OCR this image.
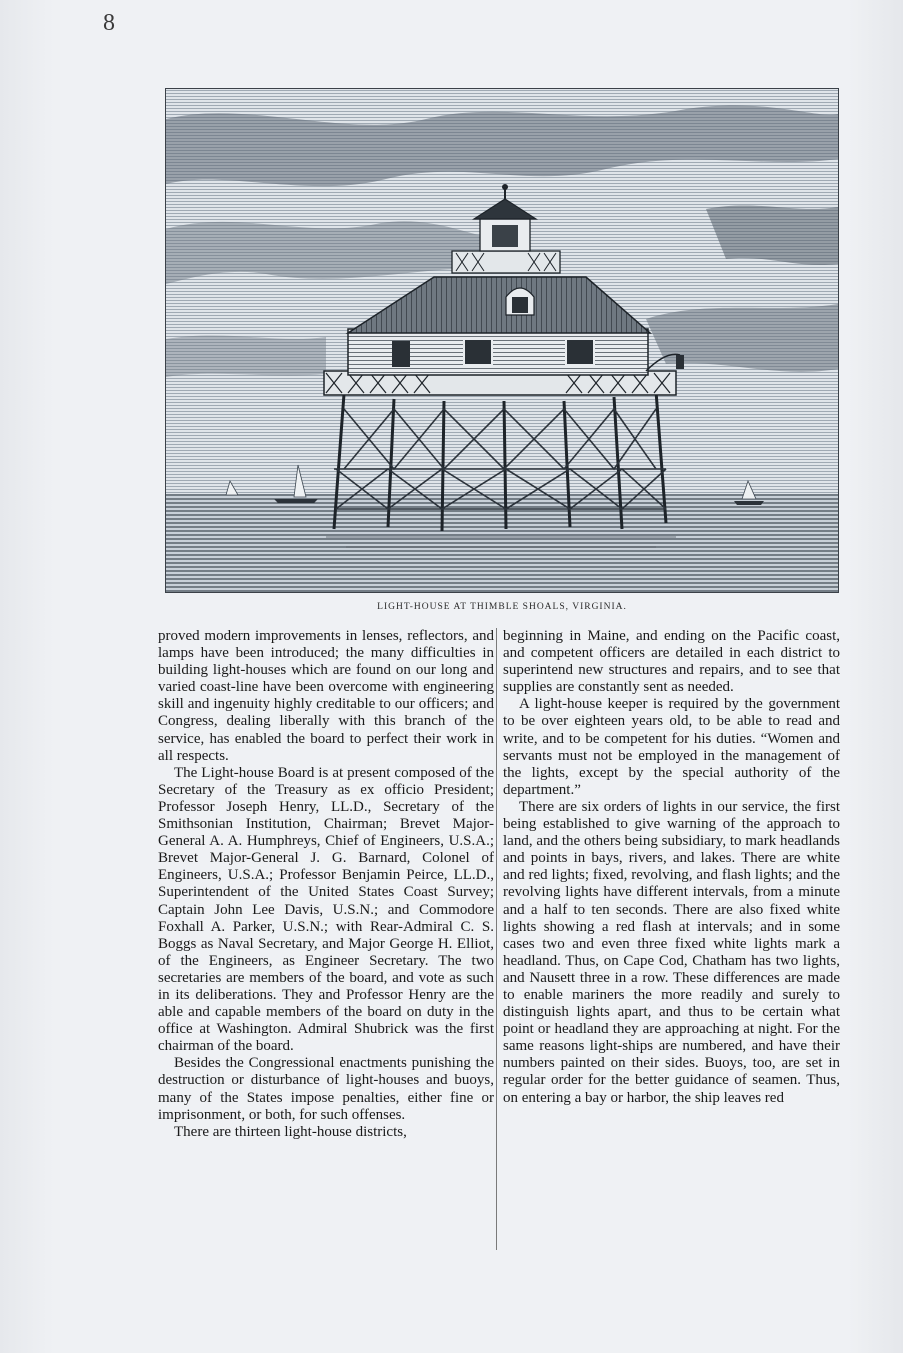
8
LIGHT-HOUSE AT THIMBLE SHOALS, VIRGINIA.

proved modern improvements in lenses, reflectors, and lamps have been introduced; the many difficulties in building light-houses which are found on our long and varied coast-line have been overcome with engineering skill and ingenuity highly creditable to our officers; and Congress, dealing liberally with this branch of the service, has enabled the board to perfect their work in all respects.

The Light-house Board is at present composed of the Secretary of the Treasury as ex officio President; Professor Joseph Henry, LL.D., Secretary of the Smithsonian Institution, Chairman; Brevet Major-General A. A. Humphreys, Chief of Engineers, U.S.A.; Brevet Major-General J. G. Barnard, Colonel of Engineers, U.S.A.; Professor Benjamin Peirce, LL.D., Superintendent of the United States Coast Survey; Captain John Lee Davis, U.S.N.; and Commodore Foxhall A. Parker, U.S.N.; with Rear-Admiral C. S. Boggs as Naval Secretary, and Major George H. Elliot, of the Engineers, as Engineer Secretary. The two secretaries are members of the board, and vote as such in its deliberations. They and Professor Henry are the able and capable members of the board on duty in the office at Washington. Admiral Shubrick was the first chairman of the board.

Besides the Congressional enactments punishing the destruction or disturbance of light-houses and buoys, many of the States impose penalties, either fine or imprisonment, or both, for such offenses.

There are thirteen light-house districts,

beginning in Maine, and ending on the Pacific coast, and competent officers are detailed in each district to superintend new structures and repairs, and to see that supplies are constantly sent as needed.

A light-house keeper is required by the government to be over eighteen years old, to be able to read and write, and to be competent for his duties. “Women and servants must not be employed in the management of the lights, except by the special authority of the department.”

There are six orders of lights in our service, the first being established to give warning of the approach to land, and the others being subsidiary, to mark headlands and points in bays, rivers, and lakes. There are white and red lights; fixed, revolving, and flash lights; and the revolving lights have different intervals, from a minute and a half to ten seconds. There are also fixed white lights showing a red flash at intervals; and in some cases two and even three fixed white lights mark a headland. Thus, on Cape Cod, Chatham has two lights, and Nausett three in a row. These differences are made to enable mariners the more readily and surely to distinguish lights apart, and thus to be certain what point or headland they are approaching at night. For the same reasons light-ships are numbered, and have their numbers painted on their sides. Buoys, too, are set in regular order for the better guidance of seamen. Thus, on entering a bay or harbor, the ship leaves red
